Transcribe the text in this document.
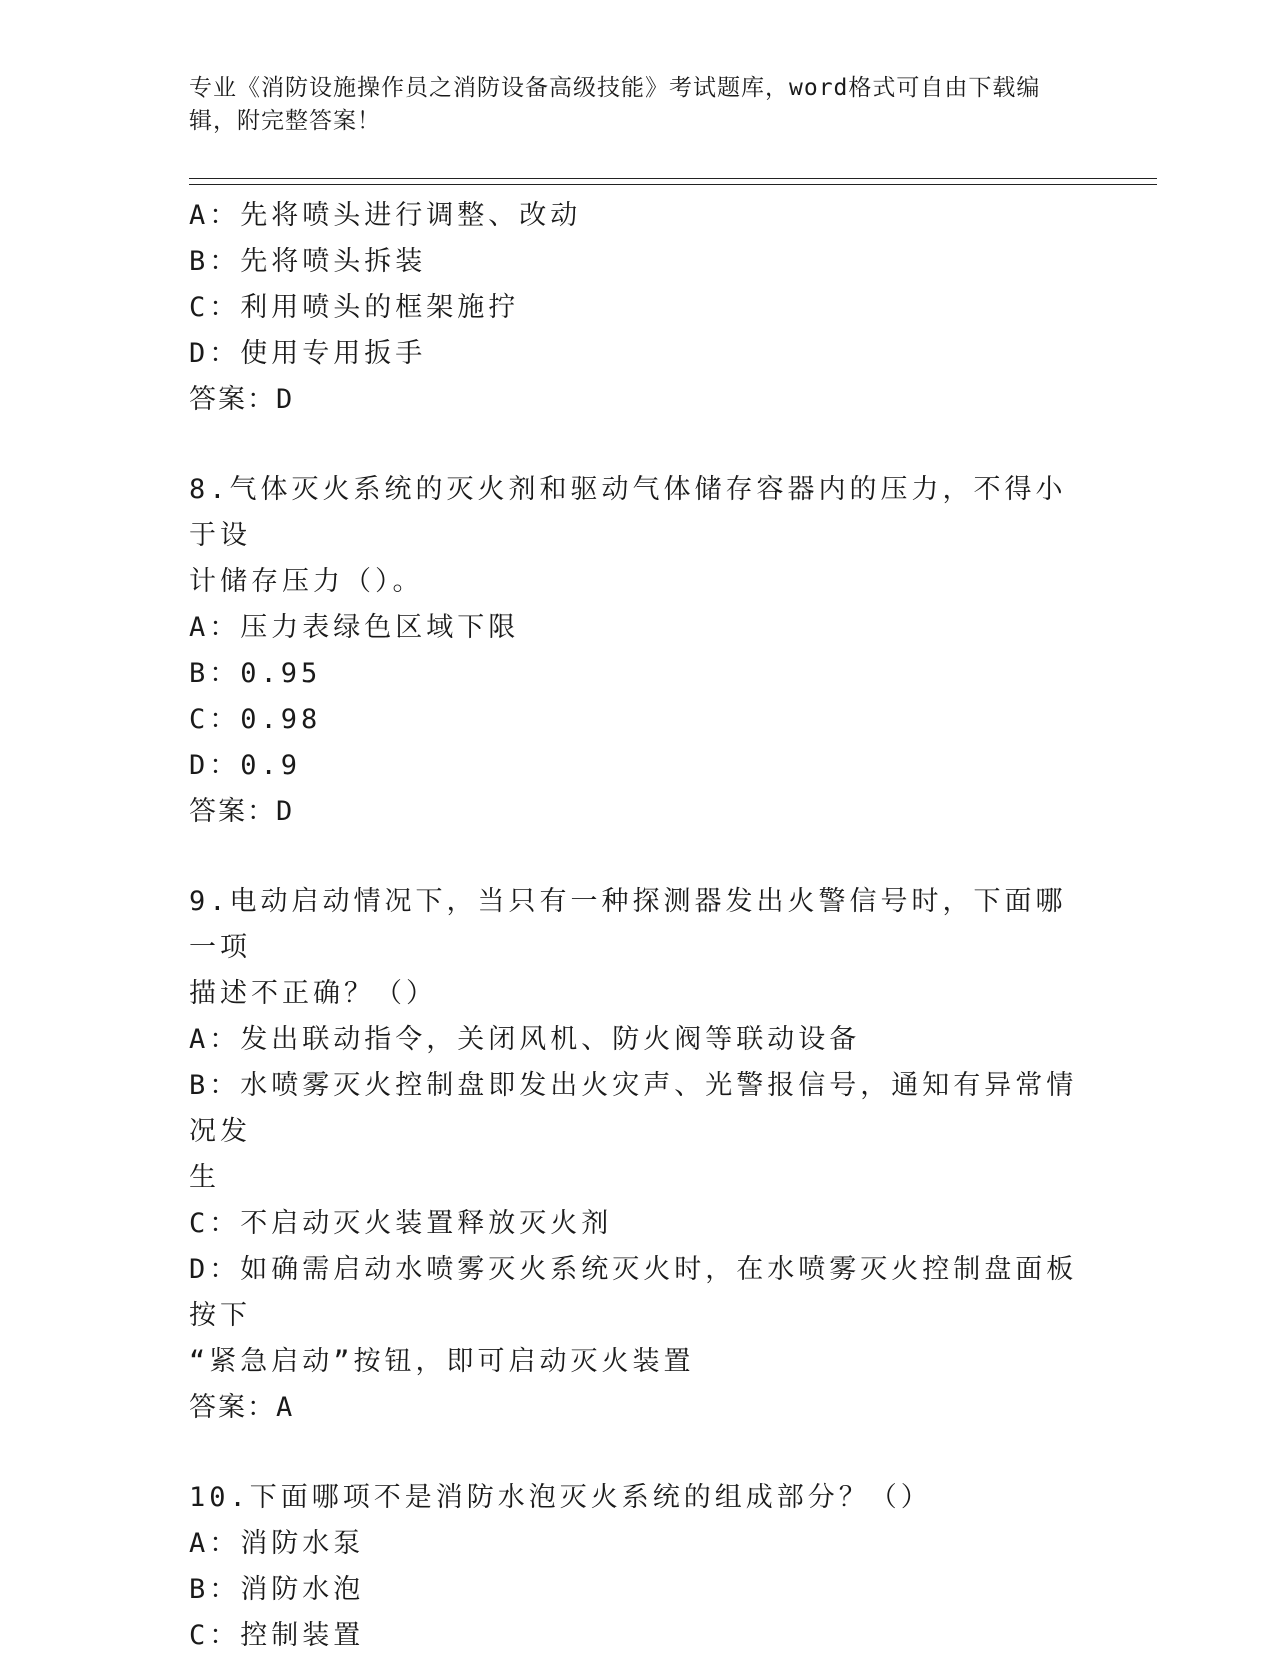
专业《消防设施操作员之消防设备高级技能》考试题库，word格式可自由下载编
辑，附完整答案！
A：先将喷头进行调整、改动
B：先将喷头拆装
C：利用喷头的框架施拧
D：使用专用扳手
答案：D
8.气体灭火系统的灭火剂和驱动气体储存容器内的压力，不得小于设
计储存压力（）。
A：压力表绿色区域下限
B：0.95
C：0.98
D：0.9
答案：D
9.电动启动情况下，当只有一种探测器发出火警信号时，下面哪一项
描述不正确？（）
A：发出联动指令，关闭风机、防火阀等联动设备
B：水喷雾灭火控制盘即发出火灾声、光警报信号，通知有异常情况发
生
C：不启动灭火装置释放灭火剂
D：如确需启动水喷雾灭火系统灭火时，在水喷雾灭火控制盘面板按下
“紧急启动”按钮，即可启动灭火装置
答案：A
10.下面哪项不是消防水泡灭火系统的组成部分？（）
A：消防水泵
B：消防水泡
C：控制装置
